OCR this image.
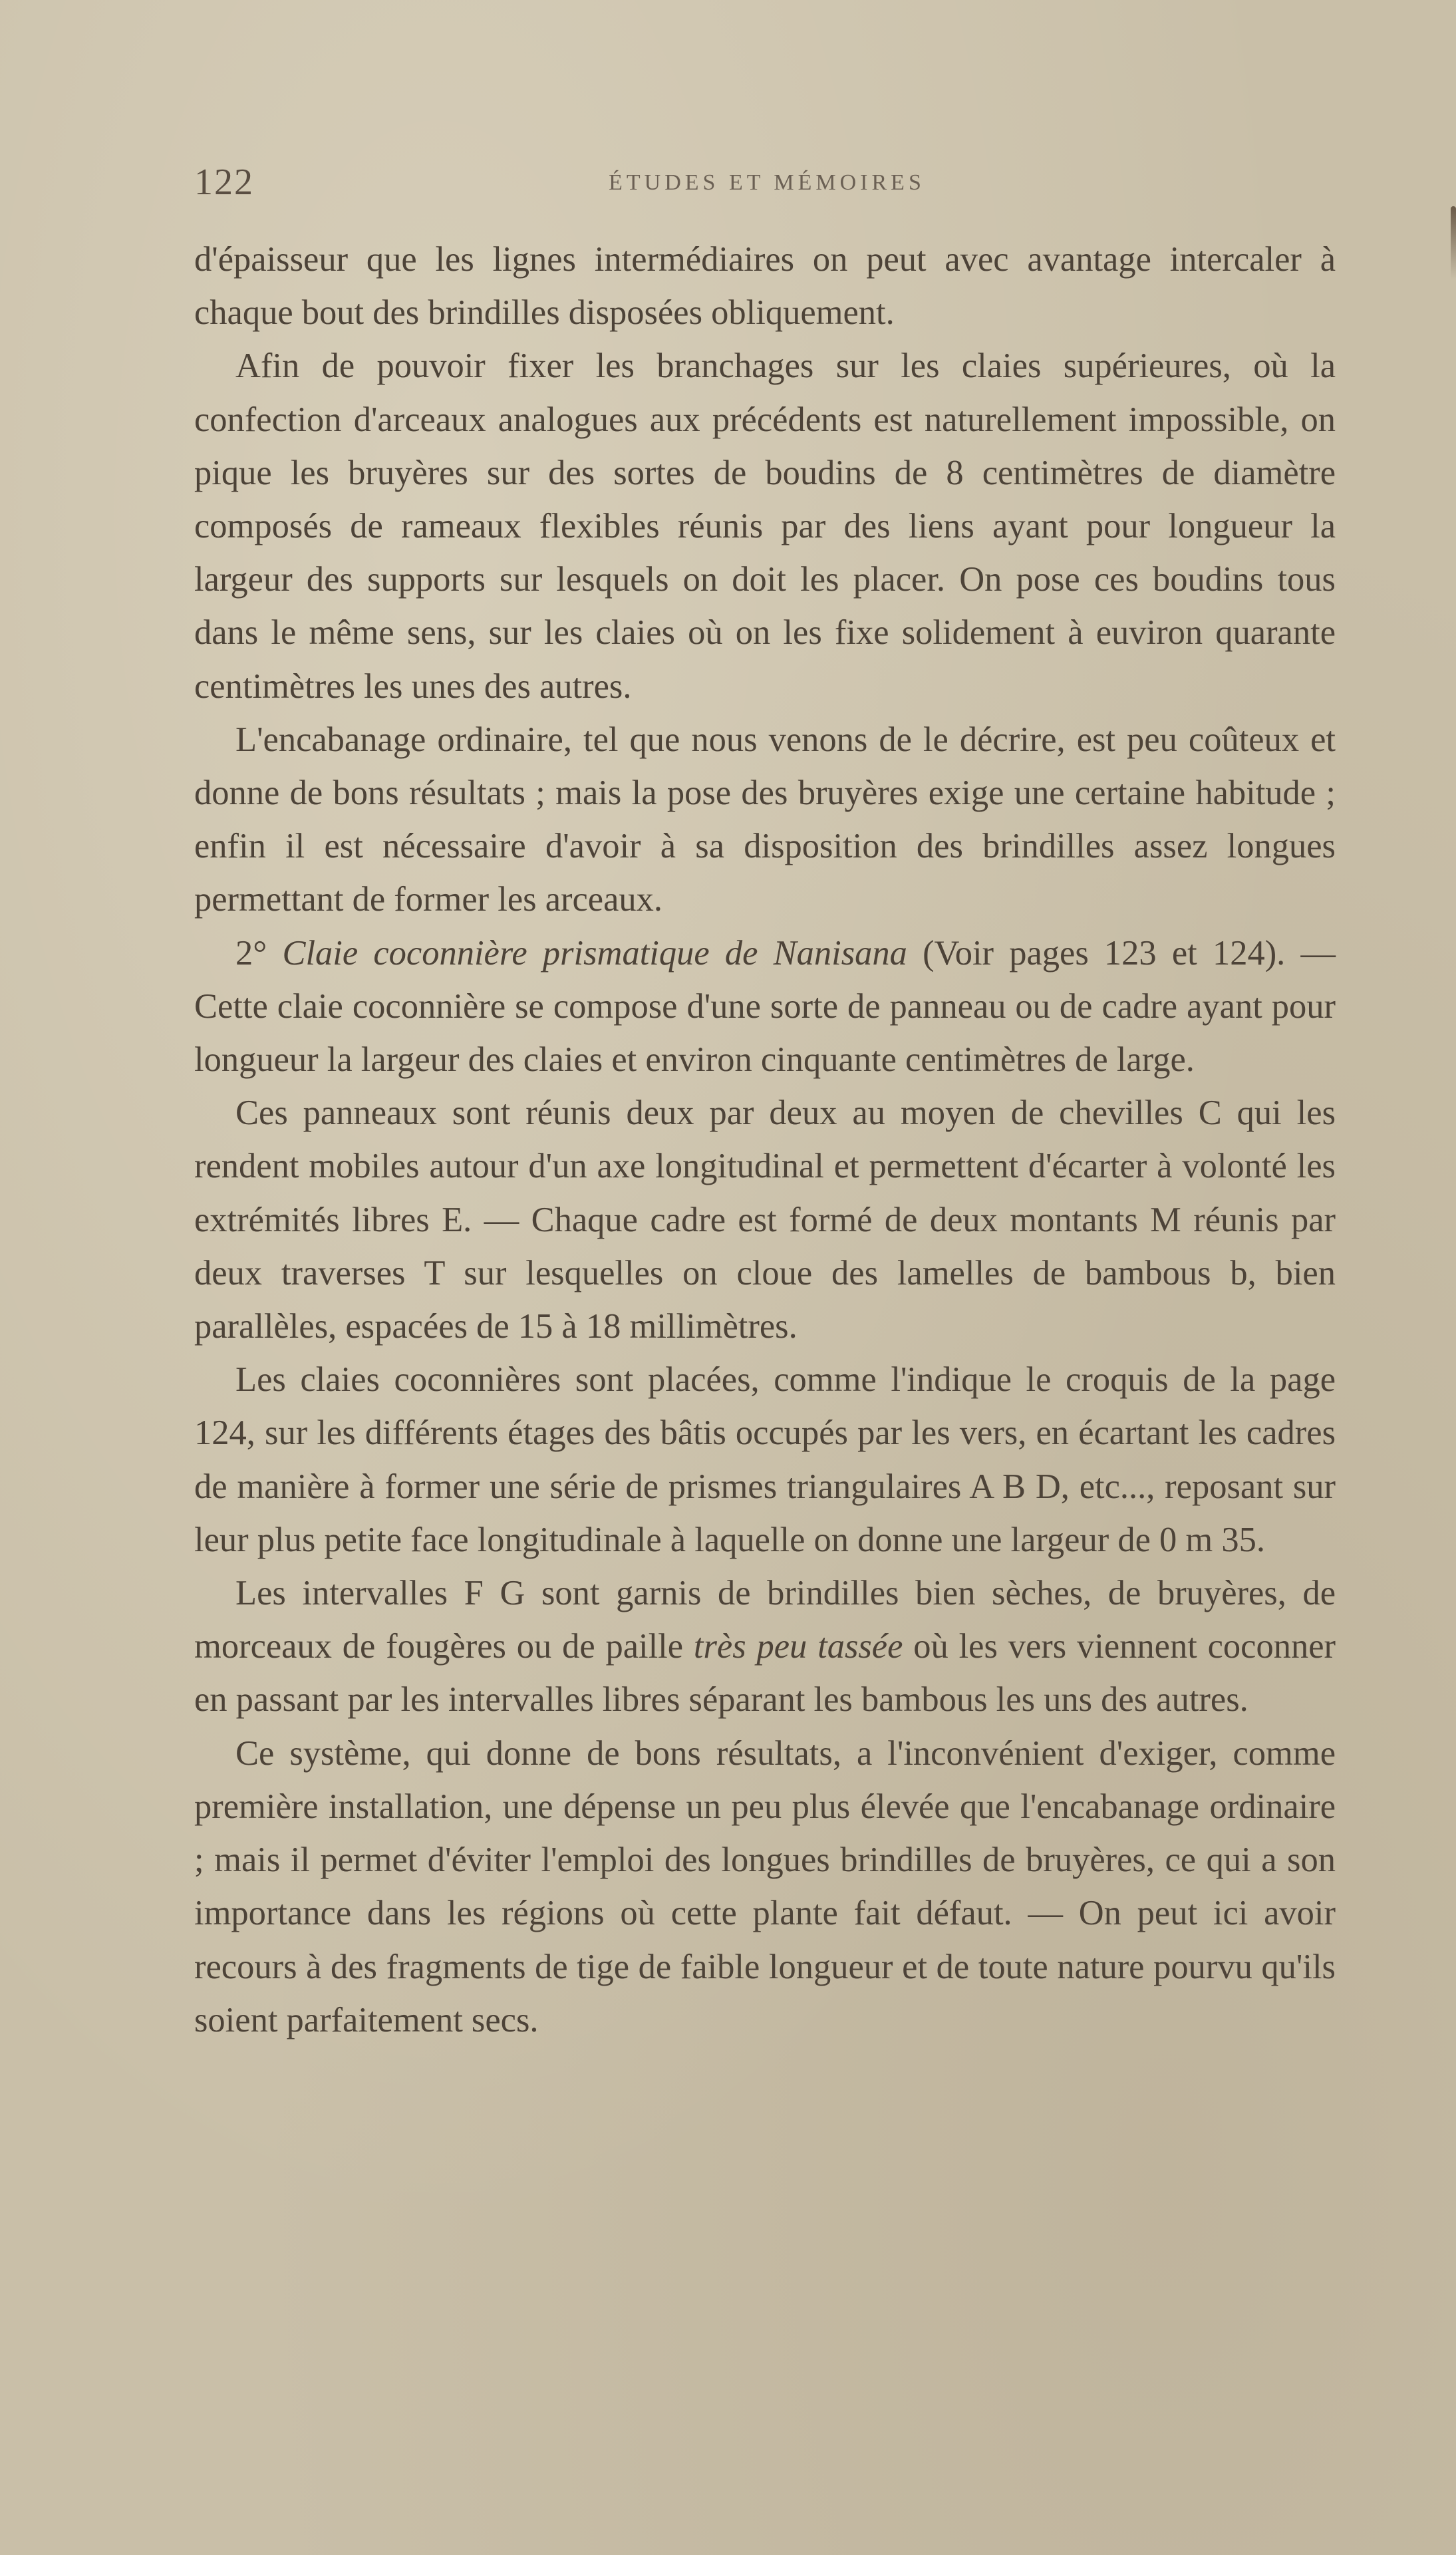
122	ÉTUDES ET MÉMOIRES

d'épaisseur que les lignes intermédiaires on peut avec avantage intercaler à chaque bout des brindilles disposées obliquement.

Afin de pouvoir fixer les branchages sur les claies supérieures, où la confection d'arceaux analogues aux précédents est naturellement impossible, on pique les bruyères sur des sortes de boudins de 8 centimètres de diamètre composés de rameaux flexibles réunis par des liens ayant pour longueur la largeur des supports sur lesquels on doit les placer. On pose ces boudins tous dans le même sens, sur les claies où on les fixe solidement à euviron quarante centimètres les unes des autres.

L'encabanage ordinaire, tel que nous venons de le décrire, est peu coûteux et donne de bons résultats ; mais la pose des bruyères exige une certaine habitude ; enfin il est nécessaire d'avoir à sa disposition des brindilles assez longues permettant de former les arceaux.

2° Claie coconnière prismatique de Nanisana (Voir pages 123 et 124). — Cette claie coconnière se compose d'une sorte de panneau ou de cadre ayant pour longueur la largeur des claies et environ cinquante centimètres de large.

Ces panneaux sont réunis deux par deux au moyen de chevilles C qui les rendent mobiles autour d'un axe longitudinal et permettent d'écarter à volonté les extrémités libres E. — Chaque cadre est formé de deux montants M réunis par deux traverses T sur lesquelles on cloue des lamelles de bambous b, bien parallèles, espacées de 15 à 18 millimètres.

Les claies coconnières sont placées, comme l'indique le croquis de la page 124, sur les différents étages des bâtis occupés par les vers, en écartant les cadres de manière à former une série de prismes triangulaires A B D, etc..., reposant sur leur plus petite face longitudinale à laquelle on donne une largeur de 0 m 35.

Les intervalles F G sont garnis de brindilles bien sèches, de bruyères, de morceaux de fougères ou de paille très peu tassée où les vers viennent coconner en passant par les intervalles libres séparant les bambous les uns des autres.

Ce système, qui donne de bons résultats, a l'inconvénient d'exiger, comme première installation, une dépense un peu plus élevée que l'encabanage ordinaire ; mais il permet d'éviter l'emploi des longues brindilles de bruyères, ce qui a son importance dans les régions où cette plante fait défaut. — On peut ici avoir recours à des fragments de tige de faible longueur et de toute nature pourvu qu'ils soient parfaitement secs.
